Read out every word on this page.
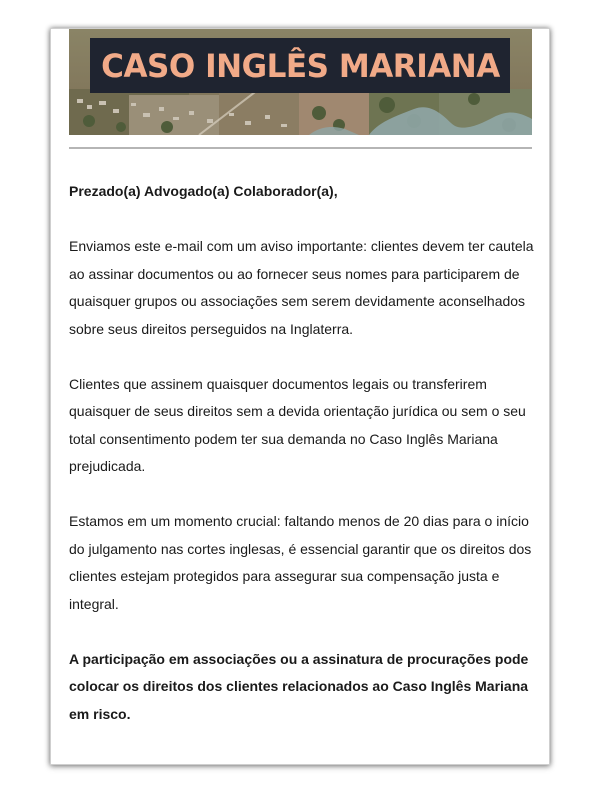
CASO INGLÊS MARIANA

Prezado(a) Advogado(a) Colaborador(a),

Enviamos este e-mail com um aviso importante: clientes devem ter cautela ao assinar documentos ou ao fornecer seus nomes para participarem de quaisquer grupos ou associações sem serem devidamente aconselhados sobre seus direitos perseguidos na Inglaterra.

Clientes que assinem quaisquer documentos legais ou transferirem quaisquer de seus direitos sem a devida orientação jurídica ou sem o seu total consentimento podem ter sua demanda no Caso Inglês Mariana prejudicada.

Estamos em um momento crucial: faltando menos de 20 dias para o início do julgamento nas cortes inglesas, é essencial garantir que os direitos dos clientes estejam protegidos para assegurar sua compensação justa e integral.

A participação em associações ou a assinatura de procurações pode colocar os direitos dos clientes relacionados ao Caso Inglês Mariana em risco.
